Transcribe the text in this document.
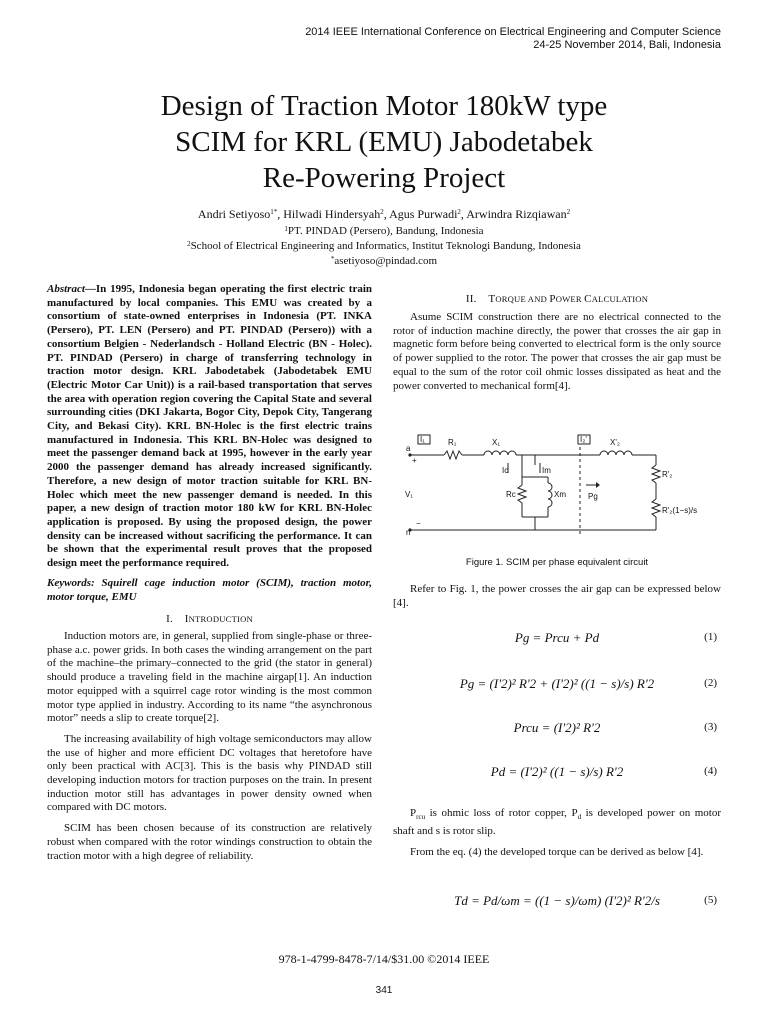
2014 IEEE International Conference on Electrical Engineering and Computer Science
24-25 November 2014, Bali, Indonesia
Design of Traction Motor 180kW type
SCIM for KRL (EMU) Jabodetabek
Re-Powering Project
Andri Setiyoso$^{1*}$, Hilwadi Hindersyah$^2$, Agus Purwadi$^2$, Arwindra Rizqiawan$^2$
$^1$PT. PINDAD (Persero), Bandung, Indonesia
$^2$School of Electrical Engineering and Informatics, Institut Teknologi Bandung, Indonesia
*asetiyoso@pindad.com
Abstract—In 1995, Indonesia began operating the first electric train manufactured by local companies. This EMU was created by a consortium of state-owned enterprises in Indonesia (PT. INKA (Persero), PT. LEN (Persero) and PT. PINDAD (Persero)) with a consortium Belgien - Nederlandsch - Holland Electric (BN - Holec). PT. PINDAD (Persero) in charge of transferring technology in traction motor design. KRL Jabodetabek (Jabodetabek EMU (Electric Motor Car Unit)) is a rail-based transportation that serves the area with operation region covering the Capital State and several surrounding cities (DKI Jakarta, Bogor City, Depok City, Tangerang City, and Bekasi City). KRL BN-Holec is the first electric trains manufactured in Indonesia. This KRL BN-Holec was designed to meet the passenger demand back at 1995, however in the early year 2000 the passenger demand has already increased significantly. Therefore, a new design of motor traction suitable for KRL BN-Holec which meet the new passenger demand is needed. In this paper, a new design of traction motor 180 kW for KRL BN-Holec application is proposed. By using the proposed design, the power density can be increased without sacrificing the performance. It can be shown that the experimental result proves that the proposed design meet the performance required.
Keywords: Squirell cage induction motor (SCIM), traction motor, motor torque, EMU
I. INTRODUCTION

Induction motors are, in general, supplied from single-phase or three-phase a.c. power grids. In both cases the winding arrangement on the part of the machine–the primary–connected to the grid (the stator in general) should produce a traveling field in the machine airgap[1]. An induction motor equipped with a squirrel cage rotor winding is the most common motor type applied in industry. According to its name “the asynchronous motor” needs a slip to create torque[2].

The increasing availability of high voltage semiconductors may allow the use of higher and more efficient DC voltages that heretofore have only been practical with AC[3]. This is the basis why PINDAD still developing induction motors for traction purposes on the train. In present induction motor still has advantages in power density owned when compared with DC motors.

SCIM has been chosen because of its construction are relatively robust when compared with the rotor windings construction to obtain the traction motor with a high degree of reliability.

II. TORQUE AND POWER CALCULATION

Asume SCIM construction there are no electrical connected to the rotor of induction machine directly, the power that crosses the air gap in magnetic form before being converted to electrical form is the only source of power supplied to the rotor. The power that crosses the air gap must be equal to the sum of the rotor coil ohmic losses dissipated as heat and the power converted to mechanical form[4].

a
+
V₁
n
−
I₁	R₁	X₁	I₂'	X'₂
Ic	Im
Rc	Xm	Pg
R'₂
R'₂(1−s)/s
Figure 1. SCIM per phase equivalent circuit

Refer to Fig. 1, the power crosses the air gap can be expressed below [4].

Pg = Prcu + Pd	(1)
Pg = (I'2)² R'2 + (I'2)² ((1 − s)/s) R'2	(2)
Prcu = (I'2)² R'2	(3)
Pd = (I'2)² ((1 − s)/s) R'2	(4)

$P_{rcu}$ is ohmic loss of rotor copper, $P_d$ is developed power on motor shaft and s is rotor slip.

From the eq. (4) the developed torque can be derived as below [4].

Td = Pd/ωm = ((1 − s)/ωm) (I'2)² R'2/s	(5)
978-1-4799-8478-7/14/$31.00 ©2014 IEEE
341
